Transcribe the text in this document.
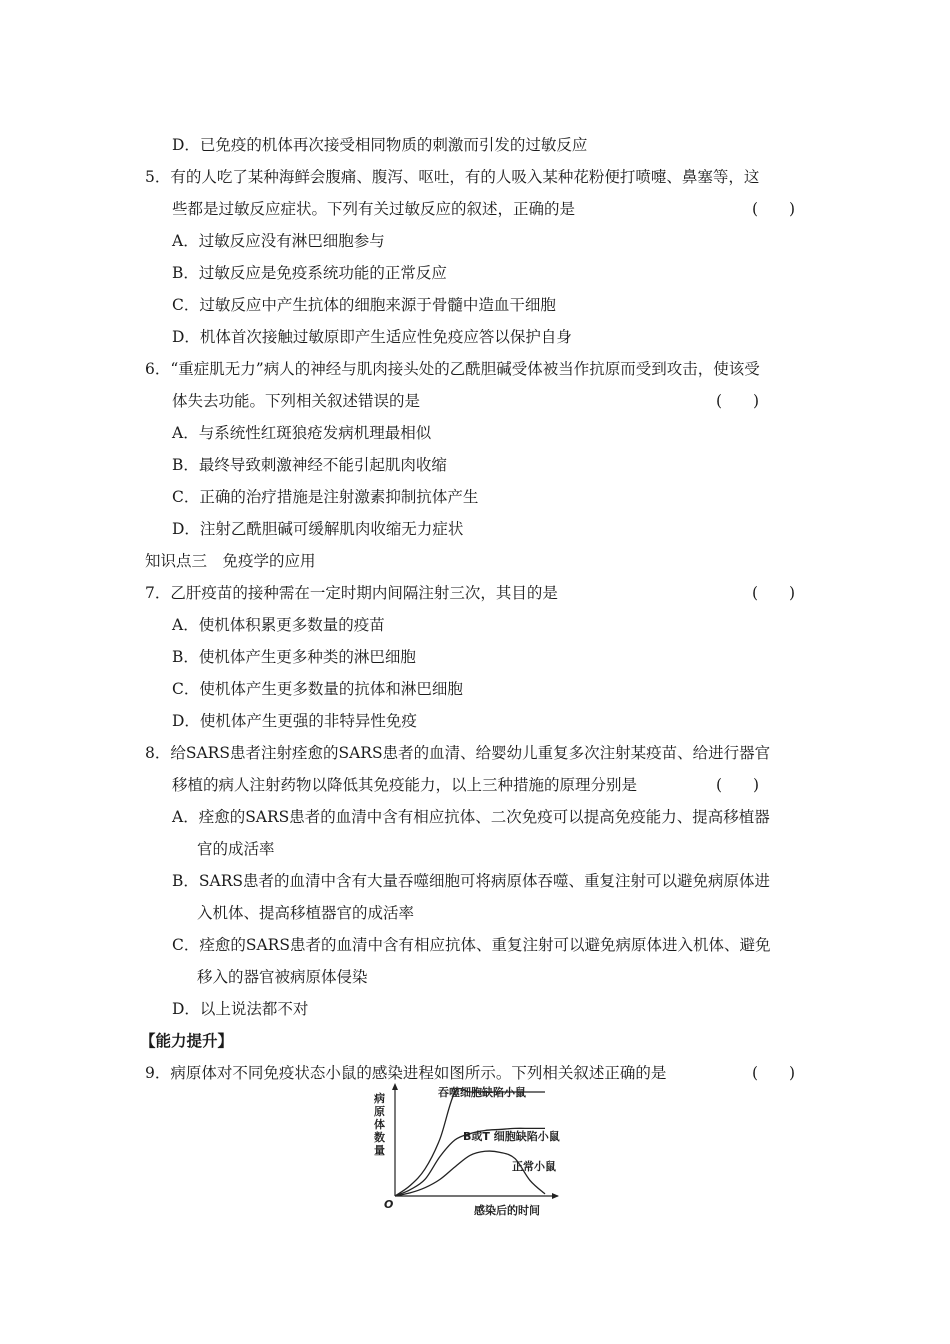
D．已免疫的机体再次接受相同物质的刺激而引发的过敏反应
5．有的人吃了某种海鲜会腹痛、腹泻、呕吐，有的人吸入某种花粉便打喷嚏、鼻塞等，这
些都是过敏反应症状。下列有关过敏反应的叙述，正确的是	(　　)
A．过敏反应没有淋巴细胞参与
B．过敏反应是免疫系统功能的正常反应
C．过敏反应中产生抗体的细胞来源于骨髓中造血干细胞
D．机体首次接触过敏原即产生适应性免疫应答以保护自身
6．“重症肌无力”病人的神经与肌肉接头处的乙酰胆碱受体被当作抗原而受到攻击，使该受
体失去功能。下列相关叙述错误的是	(　　)
A．与系统性红斑狼疮发病机理最相似
B．最终导致刺激神经不能引起肌肉收缩
C．正确的治疗措施是注射激素抑制抗体产生
D．注射乙酰胆碱可缓解肌肉收缩无力症状
知识点三　免疫学的应用
7．乙肝疫苗的接种需在一定时期内间隔注射三次，其目的是	(　　)
A．使机体积累更多数量的疫苗
B．使机体产生更多种类的淋巴细胞
C．使机体产生更多数量的抗体和淋巴细胞
D．使机体产生更强的非特异性免疫
8．给SARS患者注射痊愈的SARS患者的血清、给婴幼儿重复多次注射某疫苗、给进行器官
移植的病人注射药物以降低其免疫能力，以上三种措施的原理分别是	(　　)
A．痊愈的SARS患者的血清中含有相应抗体、二次免疫可以提高免疫能力、提高移植器
官的成活率
B．SARS患者的血清中含有大量吞噬细胞可将病原体吞噬、重复注射可以避免病原体进
入机体、提高移植器官的成活率
C．痊愈的SARS患者的血清中含有相应抗体、重复注射可以避免病原体进入机体、避免
移入的器官被病原体侵染
D．以上说法都不对
【能力提升】
9．病原体对不同免疫状态小鼠的感染进程如图所示。下列相关叙述正确的是	(　　)
病
原
体
数
量
O	感染后的时间
吞噬细胞缺陷小鼠
B或T 细胞缺陷小鼠
正常小鼠
